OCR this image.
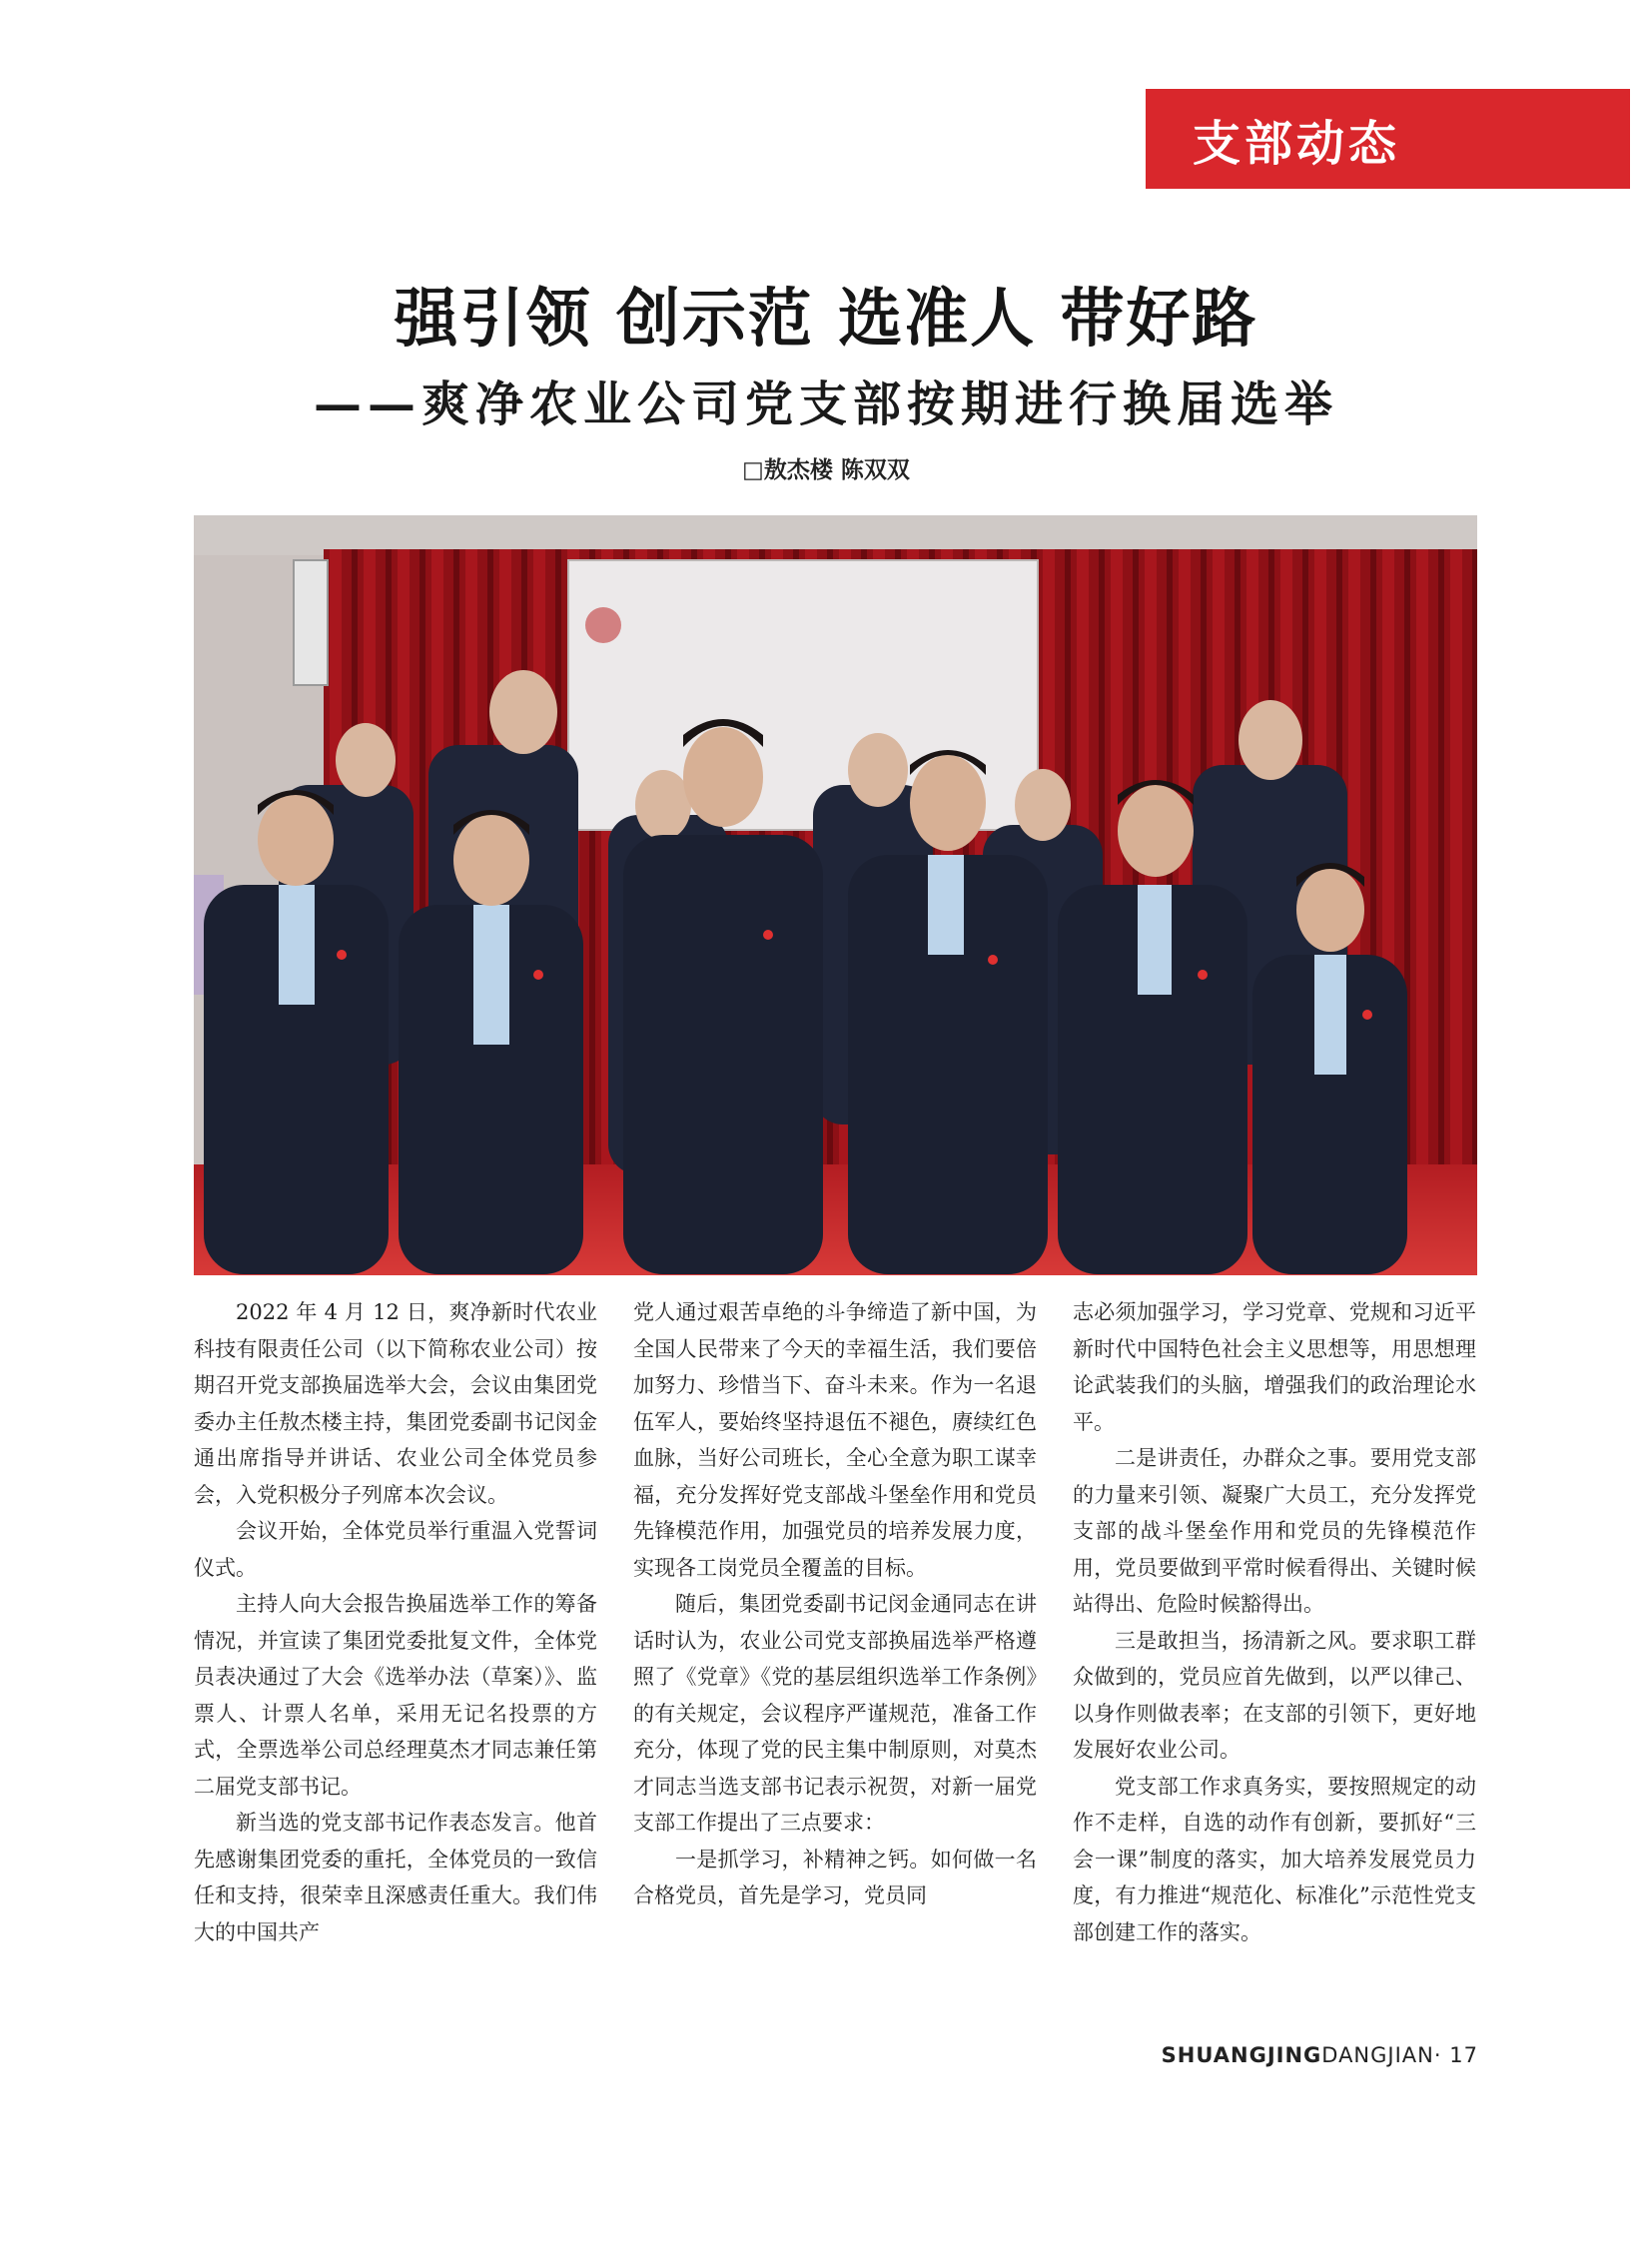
支部动态
强引领 创示范 选准人 带好路
——爽净农业公司党支部按期进行换届选举
□敖杰楼 陈双双

2022 年 4 月 12 日，爽净新时代农业科技有限责任公司（以下简称农业公司）按期召开党支部换届选举大会，会议由集团党委办主任敖杰楼主持，集团党委副书记闵金通出席指导并讲话、农业公司全体党员参会，入党积极分子列席本次会议。

会议开始，全体党员举行重温入党誓词仪式。

主持人向大会报告换届选举工作的筹备情况，并宣读了集团党委批复文件，全体党员表决通过了大会《选举办法（草案）》、监票人、计票人名单，采用无记名投票的方式，全票选举公司总经理莫杰才同志兼任第二届党支部书记。

新当选的党支部书记作表态发言。他首先感谢集团党委的重托，全体党员的一致信任和支持，很荣幸且深感责任重大。我们伟大的中国共产

党人通过艰苦卓绝的斗争缔造了新中国，为全国人民带来了今天的幸福生活，我们要倍加努力、珍惜当下、奋斗未来。作为一名退伍军人，要始终坚持退伍不褪色，赓续红色血脉，当好公司班长，全心全意为职工谋幸福，充分发挥好党支部战斗堡垒作用和党员先锋模范作用，加强党员的培养发展力度，实现各工岗党员全覆盖的目标。

随后，集团党委副书记闵金通同志在讲话时认为，农业公司党支部换届选举严格遵照了《党章》《党的基层组织选举工作条例》的有关规定，会议程序严谨规范，准备工作充分，体现了党的民主集中制原则，对莫杰才同志当选支部书记表示祝贺，对新一届党支部工作提出了三点要求：

一是抓学习，补精神之钙。如何做一名合格党员，首先是学习，党员同

志必须加强学习，学习党章、党规和习近平新时代中国特色社会主义思想等，用思想理论武装我们的头脑，增强我们的政治理论水平。

二是讲责任，办群众之事。要用党支部的力量来引领、凝聚广大员工，充分发挥党支部的战斗堡垒作用和党员的先锋模范作用，党员要做到平常时候看得出、关键时候站得出、危险时候豁得出。

三是敢担当，扬清新之风。要求职工群众做到的，党员应首先做到，以严以律己、以身作则做表率；在支部的引领下，更好地发展好农业公司。

党支部工作求真务实，要按照规定的动作不走样，自选的动作有创新，要抓好“三会一课”制度的落实，加大培养发展党员力度，有力推进“规范化、标准化”示范性党支部创建工作的落实。

SHUANGJINGDANGJIAN· 17
